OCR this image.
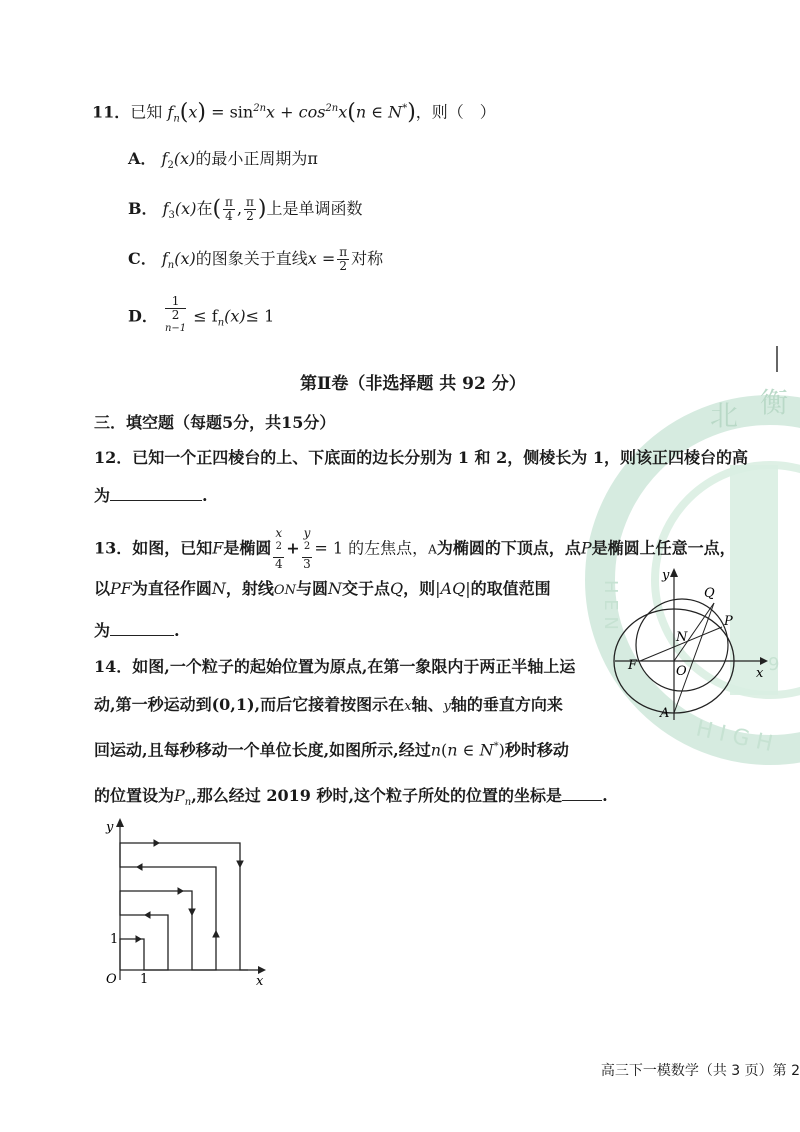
北 衡
H E N
H I G H
9
11．已知 $f_n(x) = \sin^{2n}x + \cos^{2n}x(n$ ∈ N*)，则（　）
A． $f_2(x)$的最小正周期为π
B． $f_3(x)$在( $\frac{\pi}{4}$ , $\frac{\pi}{2}$ )上是单调函数
C． $f_n(x)$的图象关于直线$x = \frac{\pi}{2}$ 对称
D． 1
2
$^{n-1} \le f_n(x)\le 1$
第Ⅱ卷（非选择题 共 92 分）
三．填空题（每题5分，共15分）
12．已知一个正四棱台的上、下底面的边长分别为 1 和 2，侧棱长为 1，则该正四棱台的高
为	.
13．如图，已知F是椭圆 x
$^2$
4 + y
$^2$
3 = 1 的左焦点，A为椭圆的下顶点，点P是椭圆上任意一点，
以PF为直径作圆N，射线ON与圆N交于点Q，则|AQ|的取值范围
为	.
y
x
Q
P
N
F	O
A
14．如图,一个粒子的起始位置为原点,在第一象限内于两正半轴上运
动,第一秒运动到(0,1),而后它接着按图示在x轴、y轴的垂直方向来
回运动,且每秒移动一个单位长度,如图所示,经过n(n ∈ N*)秒时移动
的位置设为$P_n$,那么经过 2019 秒时,这个粒子所处的位置的坐标是	.
y
x
O 1
1
高三下一模数学（共 3 页）第 2
